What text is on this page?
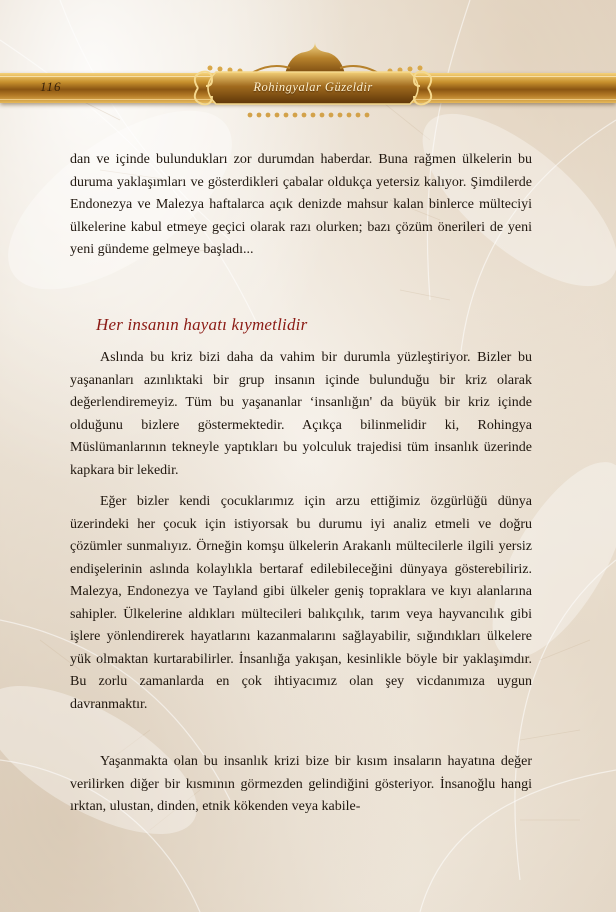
116	Rohingyalar Güzeldir

dan ve içinde bulundukları zor durumdan haberdar. Buna rağmen ülkelerin bu duruma yaklaşımları ve gösterdikleri çabalar oldukça yetersiz kalıyor. Şimdilerde Endonezya ve Malezya haftalarca açık denizde mahsur kalan binlerce mülteciyi ülkelerine kabul etmeye geçici olarak razı olurken; bazı çözüm önerileri de yeni yeni gündeme gelmeye başladı...

Her insanın hayatı kıymetlidir

Aslında bu kriz bizi daha da vahim bir durumla yüzleştiriyor. Bizler bu yaşananları azınlıktaki bir grup insanın içinde bulunduğu bir kriz olarak değerlendiremeyiz. Tüm bu yaşananlar ‘insanlığın' da büyük bir kriz içinde olduğunu bizlere göstermektedir. Açıkça bilinmelidir ki, Rohingya Müslümanlarının tekneyle yaptıkları bu yolculuk trajedisi tüm insanlık üzerinde kapkara bir lekedir.

Eğer bizler kendi çocuklarımız için arzu ettiğimiz özgürlüğü dünya üzerindeki her çocuk için istiyorsak bu durumu iyi analiz etmeli ve doğru çözümler sunmalıyız. Örneğin komşu ülkelerin Arakanlı mültecilerle ilgili yersiz endişelerinin aslında kolaylıkla bertaraf edilebileceğini dünyaya gösterebiliriz. Malezya, Endonezya ve Tayland gibi ülkeler geniş topraklara ve kıyı alanlarına sahipler. Ülkelerine aldıkları mültecileri balıkçılık, tarım veya hayvancılık gibi işlere yönlendirerek hayatlarını kazanmalarını sağlayabilir, sığındıkları ülkelere yük olmaktan kurtarabilirler. İnsanlığa yakışan, kesinlikle böyle bir yaklaşımdır. Bu zorlu zamanlarda en çok ihtiyacımız olan şey vicdanımıza uygun davranmaktır.

Yaşanmakta olan bu insanlık krizi bize bir kısım insaların hayatına değer verilirken diğer bir kısmının görmezden gelindiğini gösteriyor. İnsanoğlu hangi ırktan, ulustan, dinden, etnik kökenden veya kabile-
